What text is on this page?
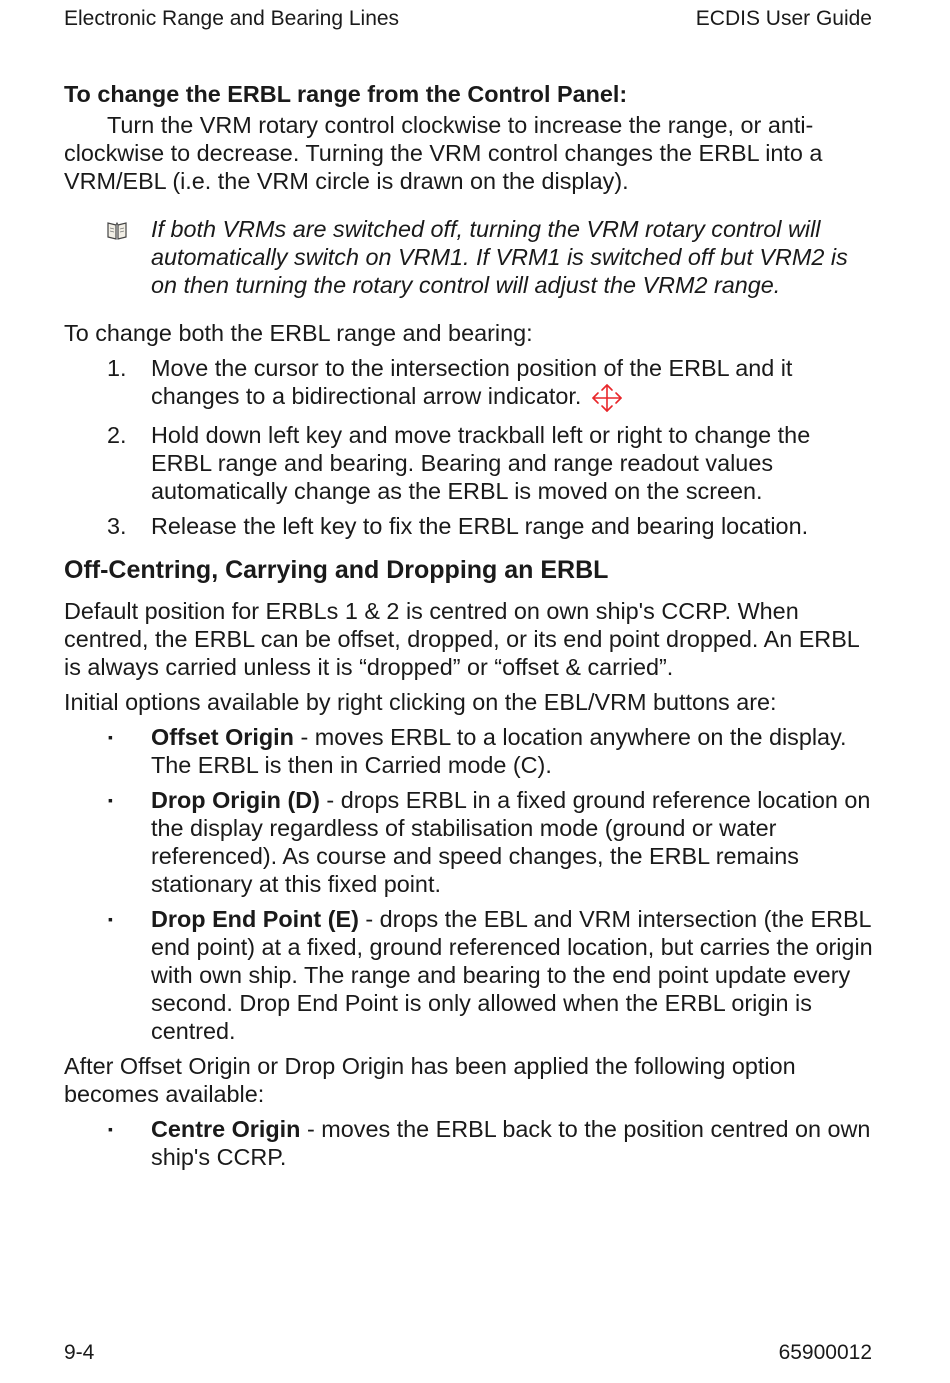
Electronic Range and Bearing Lines	ECDIS User Guide

To change the ERBL range from the Control Panel:

Turn the VRM rotary control clockwise to increase the range, or anti-clockwise to decrease. Turning the VRM control changes the ERBL into a VRM/EBL (i.e. the VRM circle is drawn on the display).

If both VRMs are switched off, turning the VRM rotary control will automatically switch on VRM1. If VRM1 is switched off but VRM2 is on then turning the rotary control will adjust the VRM2 range.

To change both the ERBL range and bearing:

1. Move the cursor to the intersection position of the ERBL and it changes to a bidirectional arrow indicator.
2. Hold down left key and move trackball left or right to change the ERBL range and bearing. Bearing and range readout values automatically change as the ERBL is moved on the screen.
3. Release the left key to fix the ERBL range and bearing location.
Off-Centring, Carrying and Dropping an ERBL

Default position for ERBLs 1 & 2 is centred on own ship's CCRP. When centred, the ERBL can be offset, dropped, or its end point dropped. An ERBL is always carried unless it is “dropped” or “offset & carried”.

Initial options available by right clicking on the EBL/VRM buttons are:

▪ Offset Origin - moves ERBL to a location anywhere on the display. The ERBL is then in Carried mode (C).
▪ Drop Origin (D) - drops ERBL in a fixed ground reference location on the display regardless of stabilisation mode (ground or water referenced). As course and speed changes, the ERBL remains stationary at this fixed point.
▪ Drop End Point (E) - drops the EBL and VRM intersection (the ERBL end point) at a fixed, ground referenced location, but carries the origin with own ship. The range and bearing to the end point update every second. Drop End Point is only allowed when the ERBL origin is centred.

After Offset Origin or Drop Origin has been applied the following option becomes available:

▪ Centre Origin - moves the ERBL back to the position centred on own ship's CCRP.
9-4	65900012
